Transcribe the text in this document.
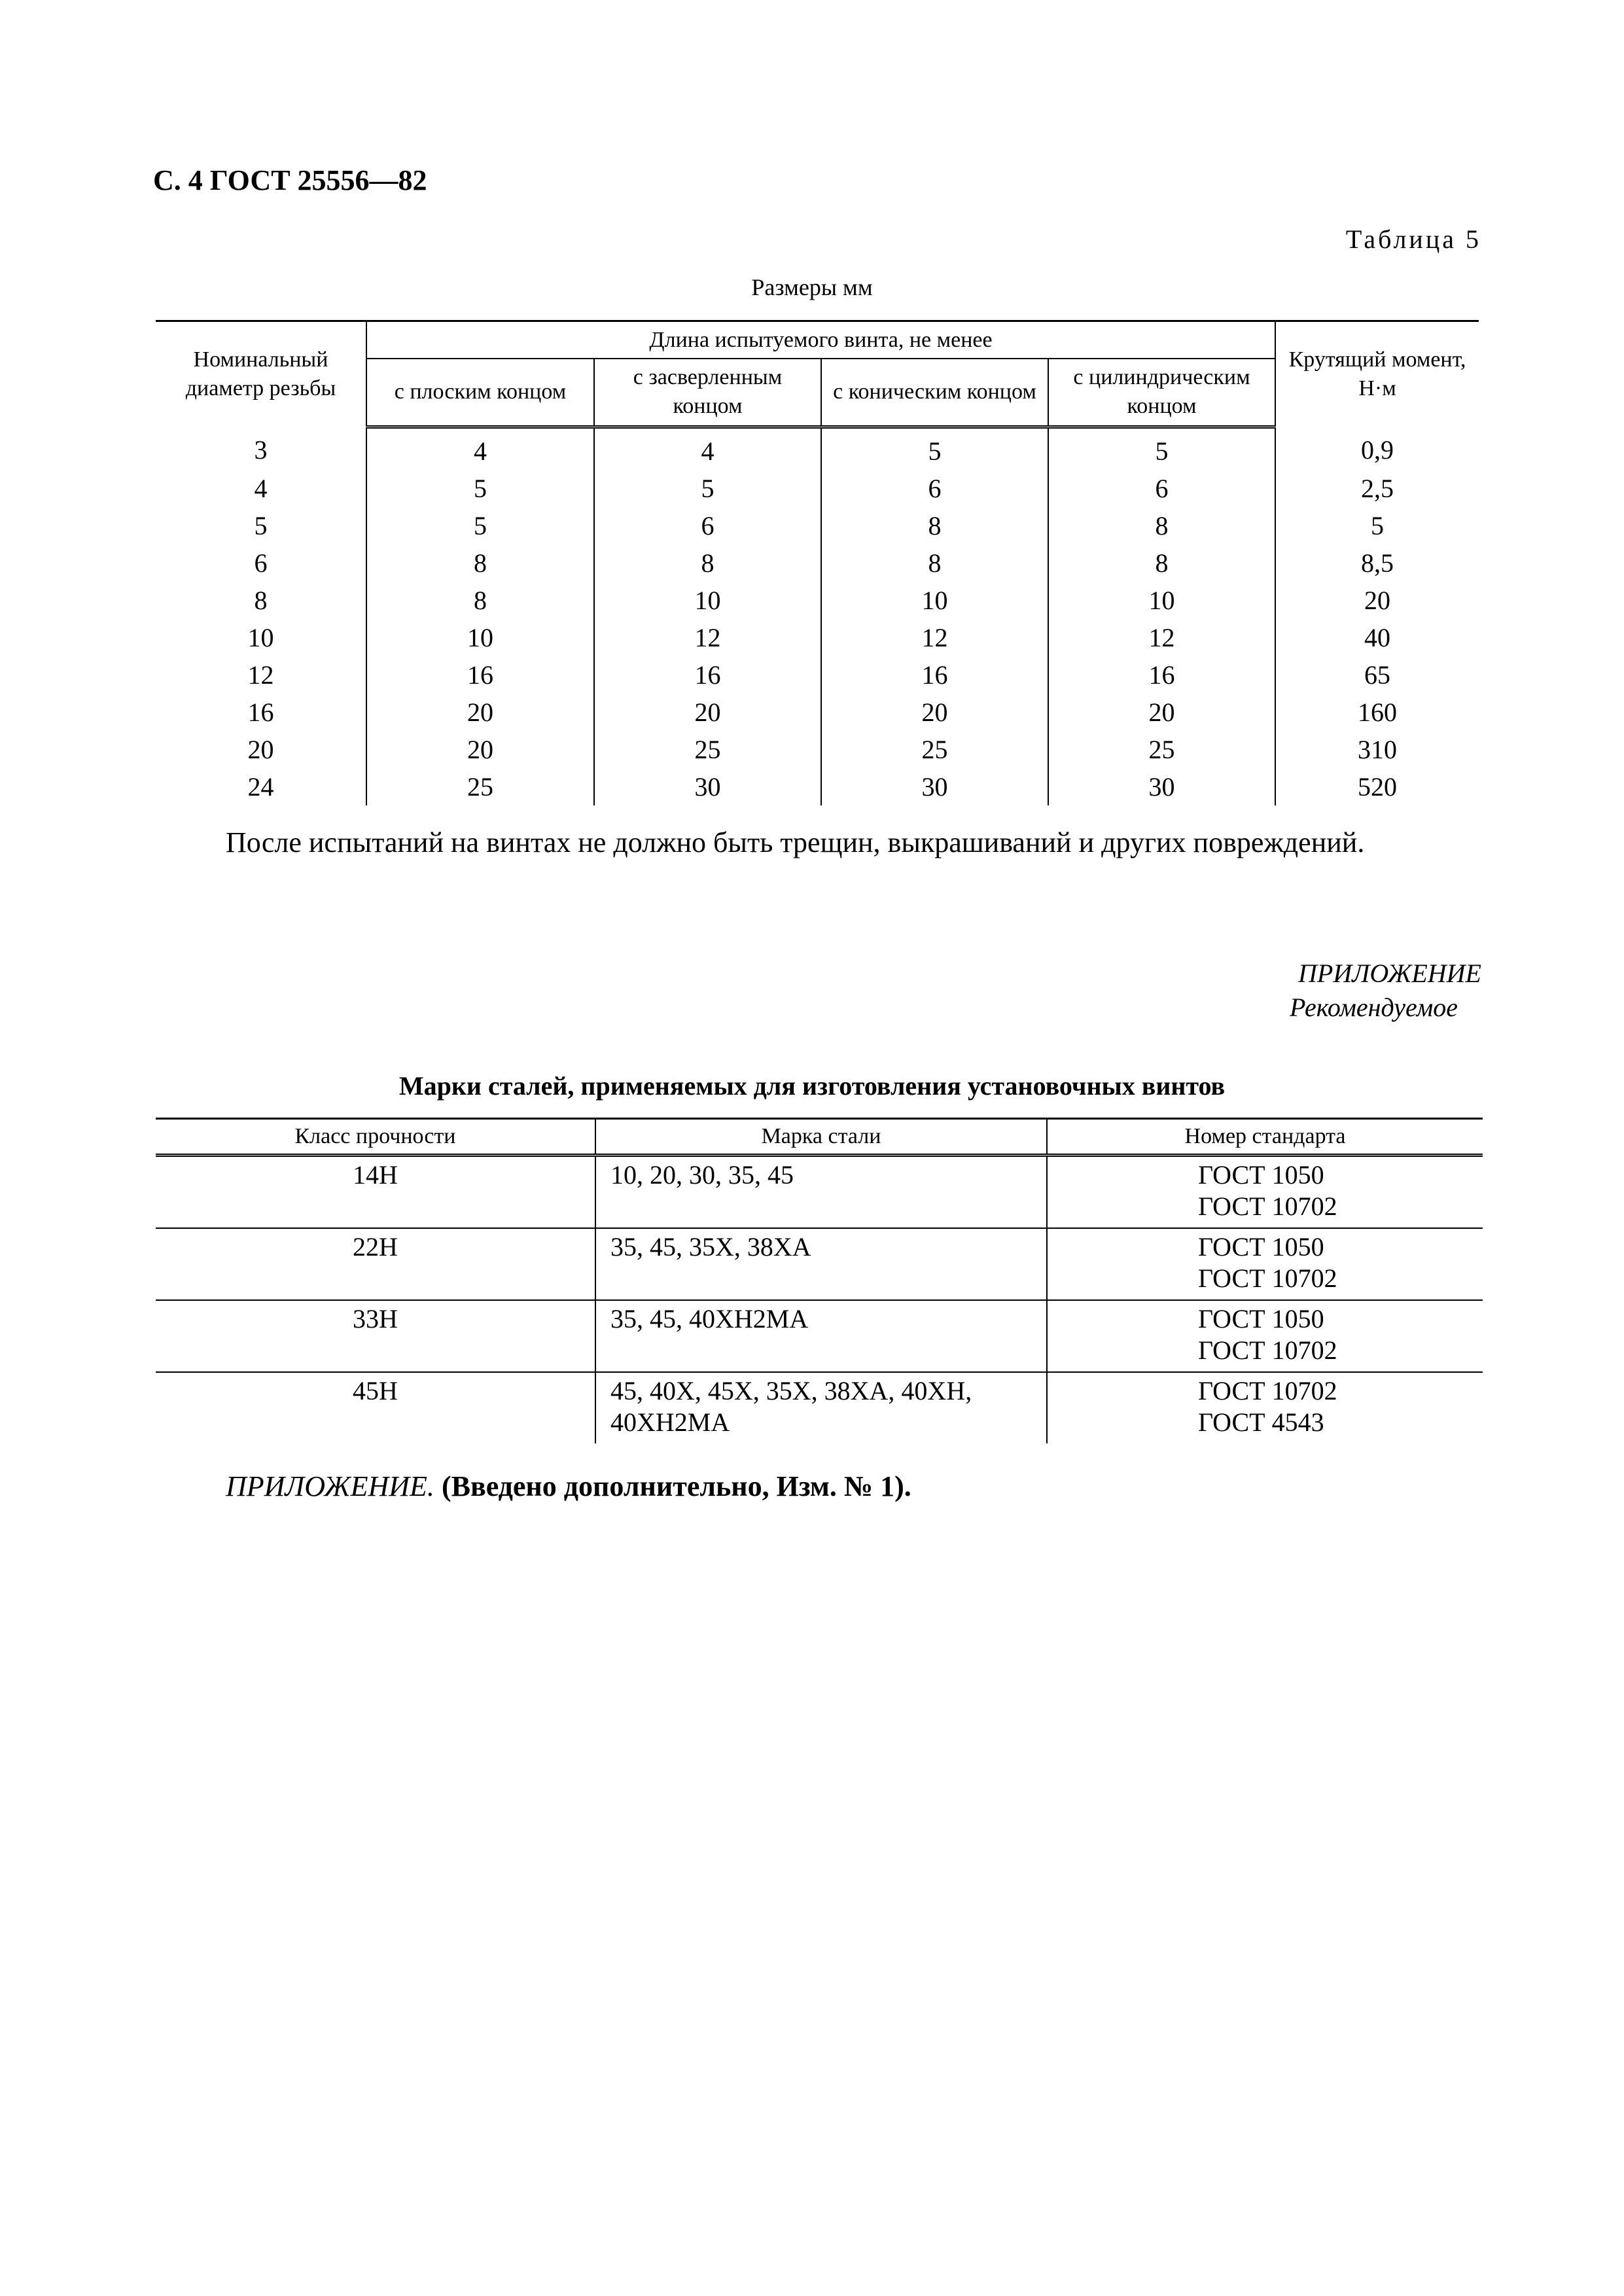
С. 4 ГОСТ 25556—82
Таблица 5
Размеры мм
Номинальный диаметр резьбы	Длина испытуемого винта, не менее				Крутящий момент, Н·м
	с плоским концом	с засверленным концом	с коническим концом	с цилиндрическим концом	
3	4	4	5	5	0,9
4	5	5	6	6	2,5
5	5	6	8	8	5
6	8	8	8	8	8,5
8	8	10	10	10	20
10	10	12	12	12	40
12	16	16	16	16	65
16	20	20	20	20	160
20	20	25	25	25	310
24	25	30	30	30	520
После испытаний на винтах не должно быть трещин, выкрашиваний и других повреждений.
ПРИЛОЖЕНИЕ
Рекомендуемое
Марки сталей, применяемых для изготовления установочных винтов
Класс прочности	Марка стали	Номер стандарта
14Н	10, 20, 30, 35, 45	ГОСТ 1050
ГОСТ 10702

22Н	35, 45, 35Х, 38ХА	ГОСТ 1050
ГОСТ 10702

33Н	35, 45, 40ХН2МА	ГОСТ 1050
ГОСТ 10702

45Н	45, 40Х, 45Х, 35Х, 38ХА, 40ХН, 40ХН2МА	ГОСТ 10702
ГОСТ 4543
ПРИЛОЖЕНИЕ. (Введено дополнительно, Изм. № 1).
